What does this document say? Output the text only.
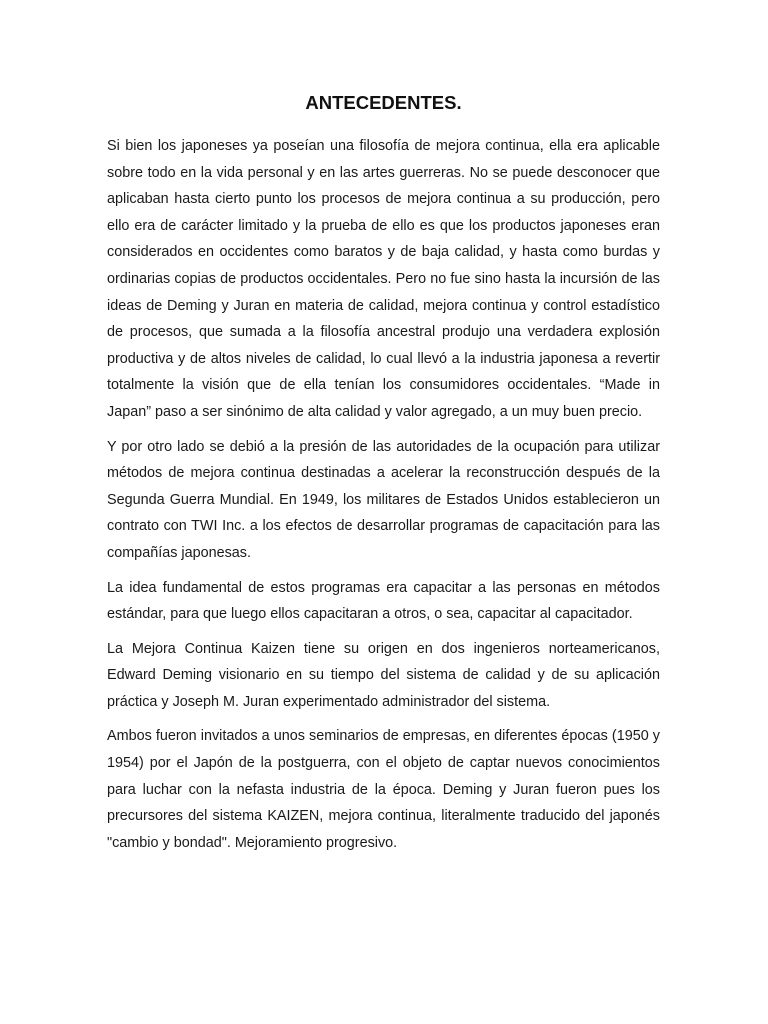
ANTECEDENTES.

Si bien los japoneses ya poseían una filosofía de mejora continua, ella era aplicable sobre todo en la vida personal y en las artes guerreras. No se puede desconocer que aplicaban hasta cierto punto los procesos de mejora continua a su producción, pero ello era de carácter limitado y la prueba de ello es que los productos japoneses eran considerados en occidentes como baratos y de baja calidad, y hasta como burdas y ordinarias copias de productos occidentales. Pero no fue sino hasta la incursión de las ideas de Deming y Juran en materia de calidad, mejora continua y control estadístico de procesos, que sumada a la filosofía ancestral produjo una verdadera explosión productiva y de altos niveles de calidad, lo cual llevó a la industria japonesa a revertir totalmente la visión que de ella tenían los consumidores occidentales. “Made in Japan” paso a ser sinónimo de alta calidad y valor agregado, a un muy buen precio.

Y por otro lado se debió a la presión de las autoridades de la ocupación para utilizar métodos de mejora continua destinadas a acelerar la reconstrucción después de la Segunda Guerra Mundial. En 1949, los militares de Estados Unidos establecieron un contrato con TWI Inc. a los efectos de desarrollar programas de capacitación para las compañías japonesas.

La idea fundamental de estos programas era capacitar a las personas en métodos estándar, para que luego ellos capacitaran a otros, o sea, capacitar al capacitador.

La Mejora Continua Kaizen tiene su origen en dos ingenieros norteamericanos, Edward Deming visionario en su tiempo del sistema de calidad y de su aplicación práctica y Joseph M. Juran experimentado administrador del sistema.

Ambos fueron invitados a unos seminarios de empresas, en diferentes épocas (1950 y 1954) por el Japón de la postguerra, con el objeto de captar nuevos conocimientos para luchar con la nefasta industria de la época. Deming y Juran fueron pues los precursores del sistema KAIZEN, mejora continua, literalmente traducido del japonés "cambio y bondad". Mejoramiento progresivo.
